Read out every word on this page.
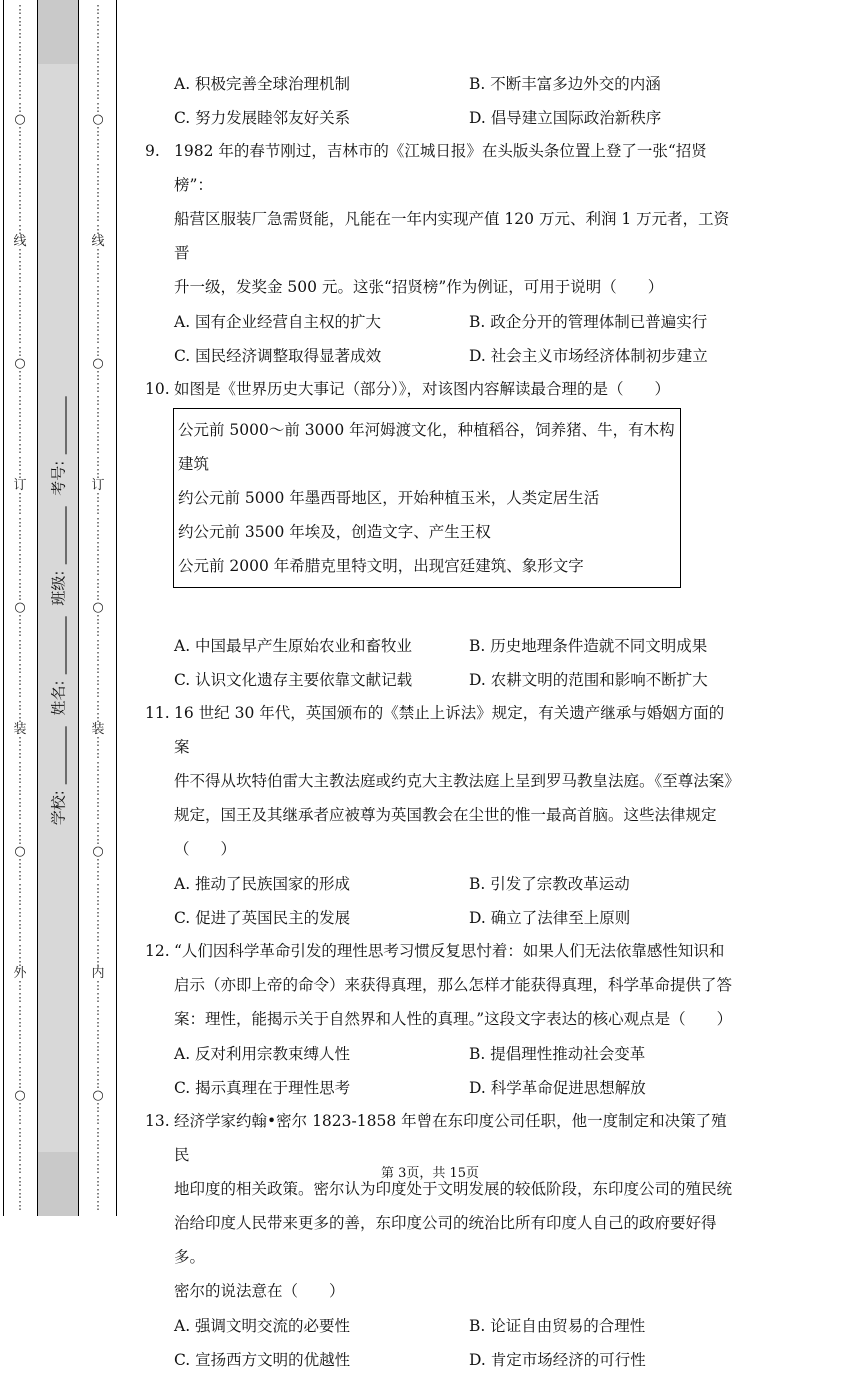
⋮
⋮
⋮
⋮
⋮
⋮
⋮
⋮
⋮
○
⋮
⋮
⋮
⋮
⋮
⋮
⋮
⋮
⋮
线
⋮
⋮
⋮
⋮
⋮
⋮
⋮
⋮
⋮
○
⋮
⋮
⋮
⋮
⋮
⋮
⋮
⋮
⋮
订
⋮
⋮
⋮
⋮
⋮
⋮
⋮
⋮
⋮
○
⋮
⋮
⋮
⋮
⋮
⋮
⋮
⋮
⋮
装
⋮
⋮
⋮
⋮
⋮
⋮
⋮
⋮
⋮
○
⋮
⋮
⋮
⋮
⋮
⋮
⋮
⋮
⋮
外
⋮
⋮
⋮
⋮
⋮
⋮
⋮
⋮
⋮
○
⋮
⋮
⋮
⋮
⋮
⋮
⋮
⋮
⋮
⋮
⋮
⋮
⋮
⋮
⋮
⋮
⋮
⋮
○
⋮
⋮
⋮
⋮
⋮
⋮
⋮
⋮
⋮
线
⋮
⋮
⋮
⋮
⋮
⋮
⋮
⋮
⋮
○
⋮
⋮
⋮
⋮
⋮
⋮
⋮
⋮
⋮
订
⋮
⋮
⋮
⋮
⋮
⋮
⋮
⋮
⋮
○
⋮
⋮
⋮
⋮
⋮
⋮
⋮
⋮
⋮
装
⋮
⋮
⋮
⋮
⋮
⋮
⋮
⋮
⋮
○
⋮
⋮
⋮
⋮
⋮
⋮
⋮
⋮
⋮
内
⋮
⋮
⋮
⋮
⋮
⋮
⋮
⋮
⋮
○
⋮
⋮
⋮
⋮
⋮
⋮
⋮
⋮
⋮
学校: 姓名: 班级: 考号:
A. 积极完善全球治理机制	B. 不断丰富多边外交的内涵
C. 努力发展睦邻友好关系	D. 倡导建立国际政治新秩序
9. 1982 年的春节刚过，吉林市的《江城日报》在头版头条位置上登了一张“招贤榜”：
船营区服装厂急需贤能，凡能在一年内实现产值 120 万元、利润 1 万元者，工资晋
升一级，发奖金 500 元。这张“招贤榜”作为例证，可用于说明（　　）
A. 国有企业经营自主权的扩大	B. 政企分开的管理体制已普遍实行
C. 国民经济调整取得显著成效	D. 社会主义市场经济体制初步建立
10. 如图是《世界历史大事记（部分）》，对该图内容解读最合理的是（　　）
公元前 5000～前 3000 年河姆渡文化，种植稻谷，饲养猪、牛，有木构建筑
约公元前 5000 年墨西哥地区，开始种植玉米，人类定居生活
约公元前 3500 年埃及，创造文字、产生王权
公元前 2000 年希腊克里特文明，出现宫廷建筑、象形文字
A. 中国最早产生原始农业和畜牧业	B. 历史地理条件造就不同文明成果
C. 认识文化遗存主要依靠文献记载	D. 农耕文明的范围和影响不断扩大
11. 16 世纪 30 年代，英国颁布的《禁止上诉法》规定，有关遗产继承与婚姻方面的案
件不得从坎特伯雷大主教法庭或约克大主教法庭上呈到罗马教皇法庭。《至尊法案》
规定，国王及其继承者应被尊为英国教会在尘世的惟一最高首脑。这些法律规定
（　　）
A. 推动了民族国家的形成	B. 引发了宗教改革运动
C. 促进了英国民主的发展	D. 确立了法律至上原则
12. “人们因科学革命引发的理性思考习惯反复思忖着：如果人们无法依靠感性知识和
启示（亦即上帝的命令）来获得真理，那么怎样才能获得真理，科学革命提供了答
案：理性，能揭示关于自然界和人性的真理。”这段文字表达的核心观点是（　　）
A. 反对利用宗教束缚人性	B. 提倡理性推动社会变革
C. 揭示真理在于理性思考	D. 科学革命促进思想解放
13. 经济学家约翰•密尔 1823-1858 年曾在东印度公司任职，他一度制定和决策了殖民
地印度的相关政策。密尔认为印度处于文明发展的较低阶段，东印度公司的殖民统
治给印度人民带来更多的善，东印度公司的统治比所有印度人自己的政府要好得多。
密尔的说法意在（　　）
A. 强调文明交流的必要性	B. 论证自由贸易的合理性
C. 宣扬西方文明的优越性	D. 肯定市场经济的可行性
第 3页，共 15页
